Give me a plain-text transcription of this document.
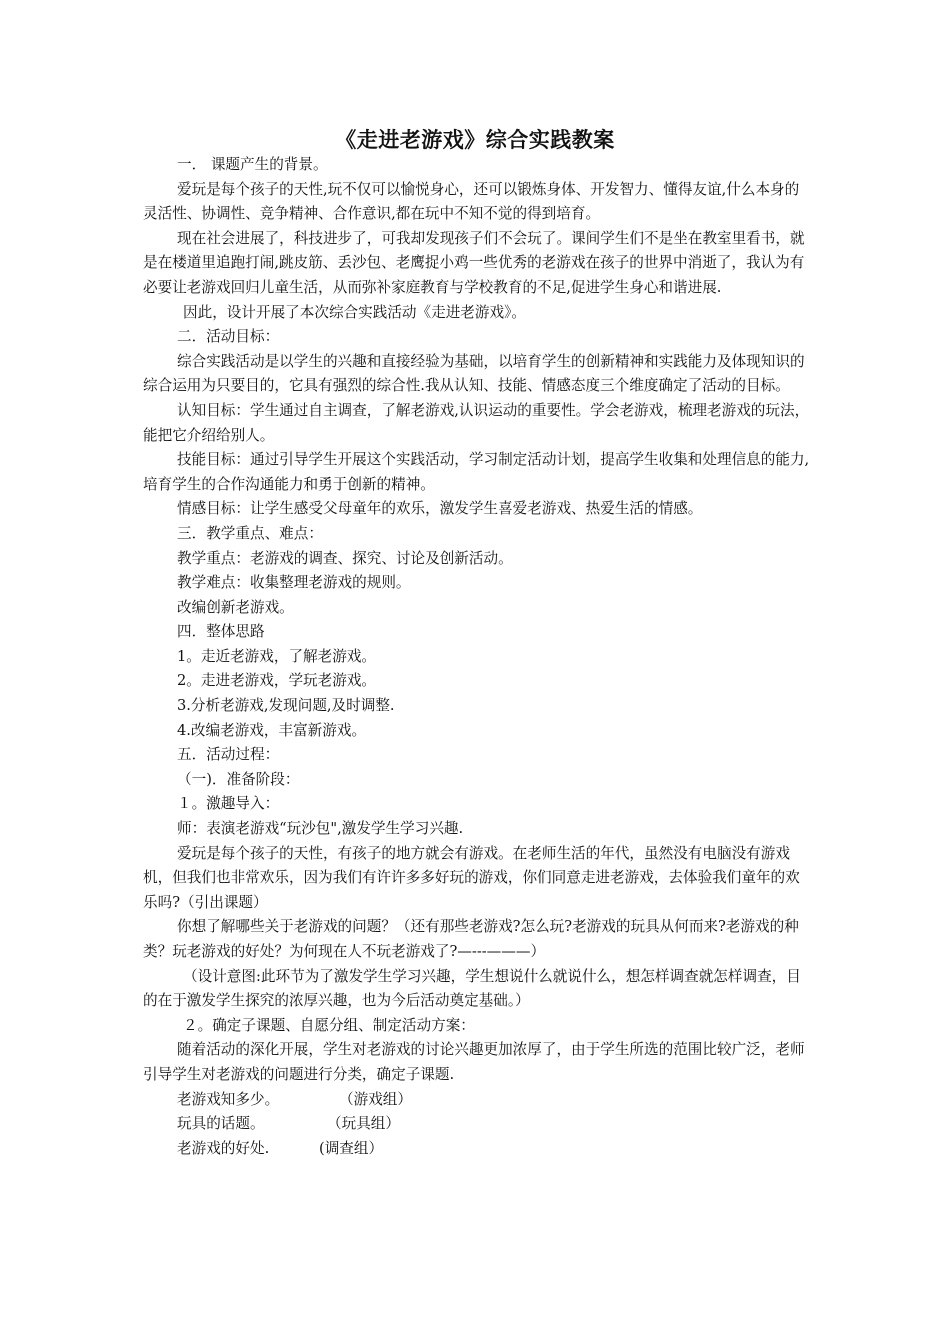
《走进老游戏》综合实践教案

一． 课题产生的背景。

爱玩是每个孩子的天性,玩不仅可以愉悦身心，还可以锻炼身体、开发智力、懂得友谊,什么本身的灵活性、协调性、竞争精神、合作意识,都在玩中不知不觉的得到培育。

现在社会进展了，科技进步了，可我却发现孩子们不会玩了。课间学生们不是坐在教室里看书，就是在楼道里追跑打闹,跳皮筋、丢沙包、老鹰捉小鸡一些优秀的老游戏在孩子的世界中消逝了，我认为有必要让老游戏回归儿童生活，从而弥补家庭教育与学校教育的不足,促进学生身心和谐进展.

因此，设计开展了本次综合实践活动《走进老游戏》。

二．活动目标：

综合实践活动是以学生的兴趣和直接经验为基础，以培育学生的创新精神和实践能力及体现知识的综合运用为只要目的，它具有强烈的综合性.我从认知、技能、情感态度三个维度确定了活动的目标。

认知目标：学生通过自主调查，了解老游戏,认识运动的重要性。学会老游戏，梳理老游戏的玩法，能把它介绍给别人。

技能目标：通过引导学生开展这个实践活动，学习制定活动计划，提高学生收集和处理信息的能力,培育学生的合作沟通能力和勇于创新的精神。

情感目标：让学生感受父母童年的欢乐，激发学生喜爱老游戏、热爱生活的情感。

三．教学重点、难点：

教学重点：老游戏的调查、探究、讨论及创新活动。

教学难点：收集整理老游戏的规则。

改编创新老游戏。

四．整体思路

1。走近老游戏，了解老游戏。

2。走进老游戏，学玩老游戏。

3.分析老游戏,发现问题,及时调整.

4.改编老游戏，丰富新游戏。

五．活动过程：

（一)．准备阶段：

１。激趣导入：

师：表演老游戏“玩沙包",激发学生学习兴趣.

爱玩是每个孩子的天性，有孩子的地方就会有游戏。在老师生活的年代，虽然没有电脑没有游戏机，但我们也非常欢乐，因为我们有许许多多好玩的游戏，你们同意走进老游戏，去体验我们童年的欢乐吗?（引出课题）

你想了解哪些关于老游戏的问题？（还有那些老游戏?怎么玩?老游戏的玩具从何而来?老游戏的种类？玩老游戏的好处？为何现在人不玩老游戏了?—---———）

（设计意图:此环节为了激发学生学习兴趣，学生想说什么就说什么，想怎样调查就怎样调查，目的在于激发学生探究的浓厚兴趣，也为今后活动奠定基础。）

２。确定子课题、自愿分组、制定活动方案：

随着活动的深化开展，学生对老游戏的讨论兴趣更加浓厚了，由于学生所选的范围比较广泛，老师引导学生对老游戏的问题进行分类，确定子课题.

老游戏知多少。	（游戏组）

玩具的话题。	（玩具组）

老游戏的好处.	(调查组）
